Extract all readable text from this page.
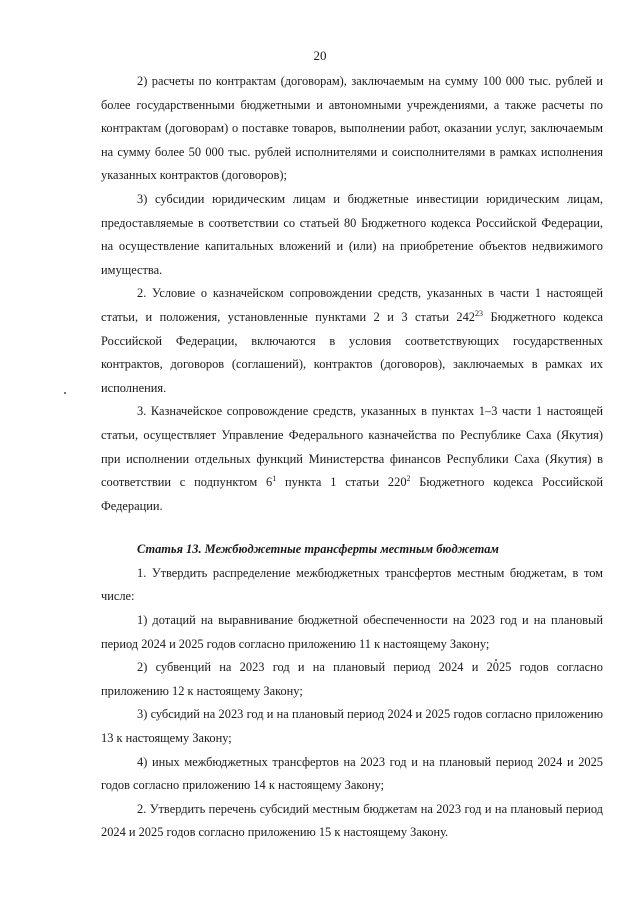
20

2) расчеты по контрактам (договорам), заключаемым на сумму 100 000 тыс. рублей и более государственными бюджетными и автономными учреждениями, а также расчеты по контрактам (договорам) о поставке товаров, выполнении работ, оказании услуг, заключаемым на сумму более 50 000 тыс. рублей исполнителями и соисполнителями в рамках исполнения указанных контрактов (договоров);

3) субсидии юридическим лицам и бюджетные инвестиции юридическим лицам, предоставляемые в соответствии со статьей 80 Бюджетного кодекса Российской Федерации, на осуществление капитальных вложений и (или) на приобретение объектов недвижимого имущества.

2. Условие о казначейском сопровождении средств, указанных в части 1 настоящей статьи, и положения, установленные пунктами 2 и 3 статьи $242^{23}$ Бюджетного кодекса Российской Федерации, включаются в условия соответствующих государственных контрактов, договоров (соглашений), контрактов (договоров), заключаемых в рамках их исполнения.

3. Казначейское сопровождение средств, указанных в пунктах 1–3 части 1 настоящей статьи, осуществляет Управление Федерального казначейства по Республике Саха (Якутия) при исполнении отдельных функций Министерства финансов Республики Саха (Якутия) в соответствии с подпунктом $6^1$ пункта 1 статьи $220^2$ Бюджетного кодекса Российской Федерации.

Статья 13. Межбюджетные трансферты местным бюджетам

1. Утвердить распределение межбюджетных трансфертов местным бюджетам, в том числе:

1) дотаций на выравнивание бюджетной обеспеченности на 2023 год и на плановый период 2024 и 2025 годов согласно приложению 11 к настоящему Закону;

2) субвенций на 2023 год и на плановый период 2024 и 2025 годов согласно приложению 12 к настоящему Закону;

3) субсидий на 2023 год и на плановый период 2024 и 2025 годов согласно приложению 13 к настоящему Закону;

4) иных межбюджетных трансфертов на 2023 год и на плановый период 2024 и 2025 годов согласно приложению 14 к настоящему Закону;

2. Утвердить перечень субсидий местным бюджетам на 2023 год и на плановый период 2024 и 2025 годов согласно приложению 15 к настоящему Закону.
